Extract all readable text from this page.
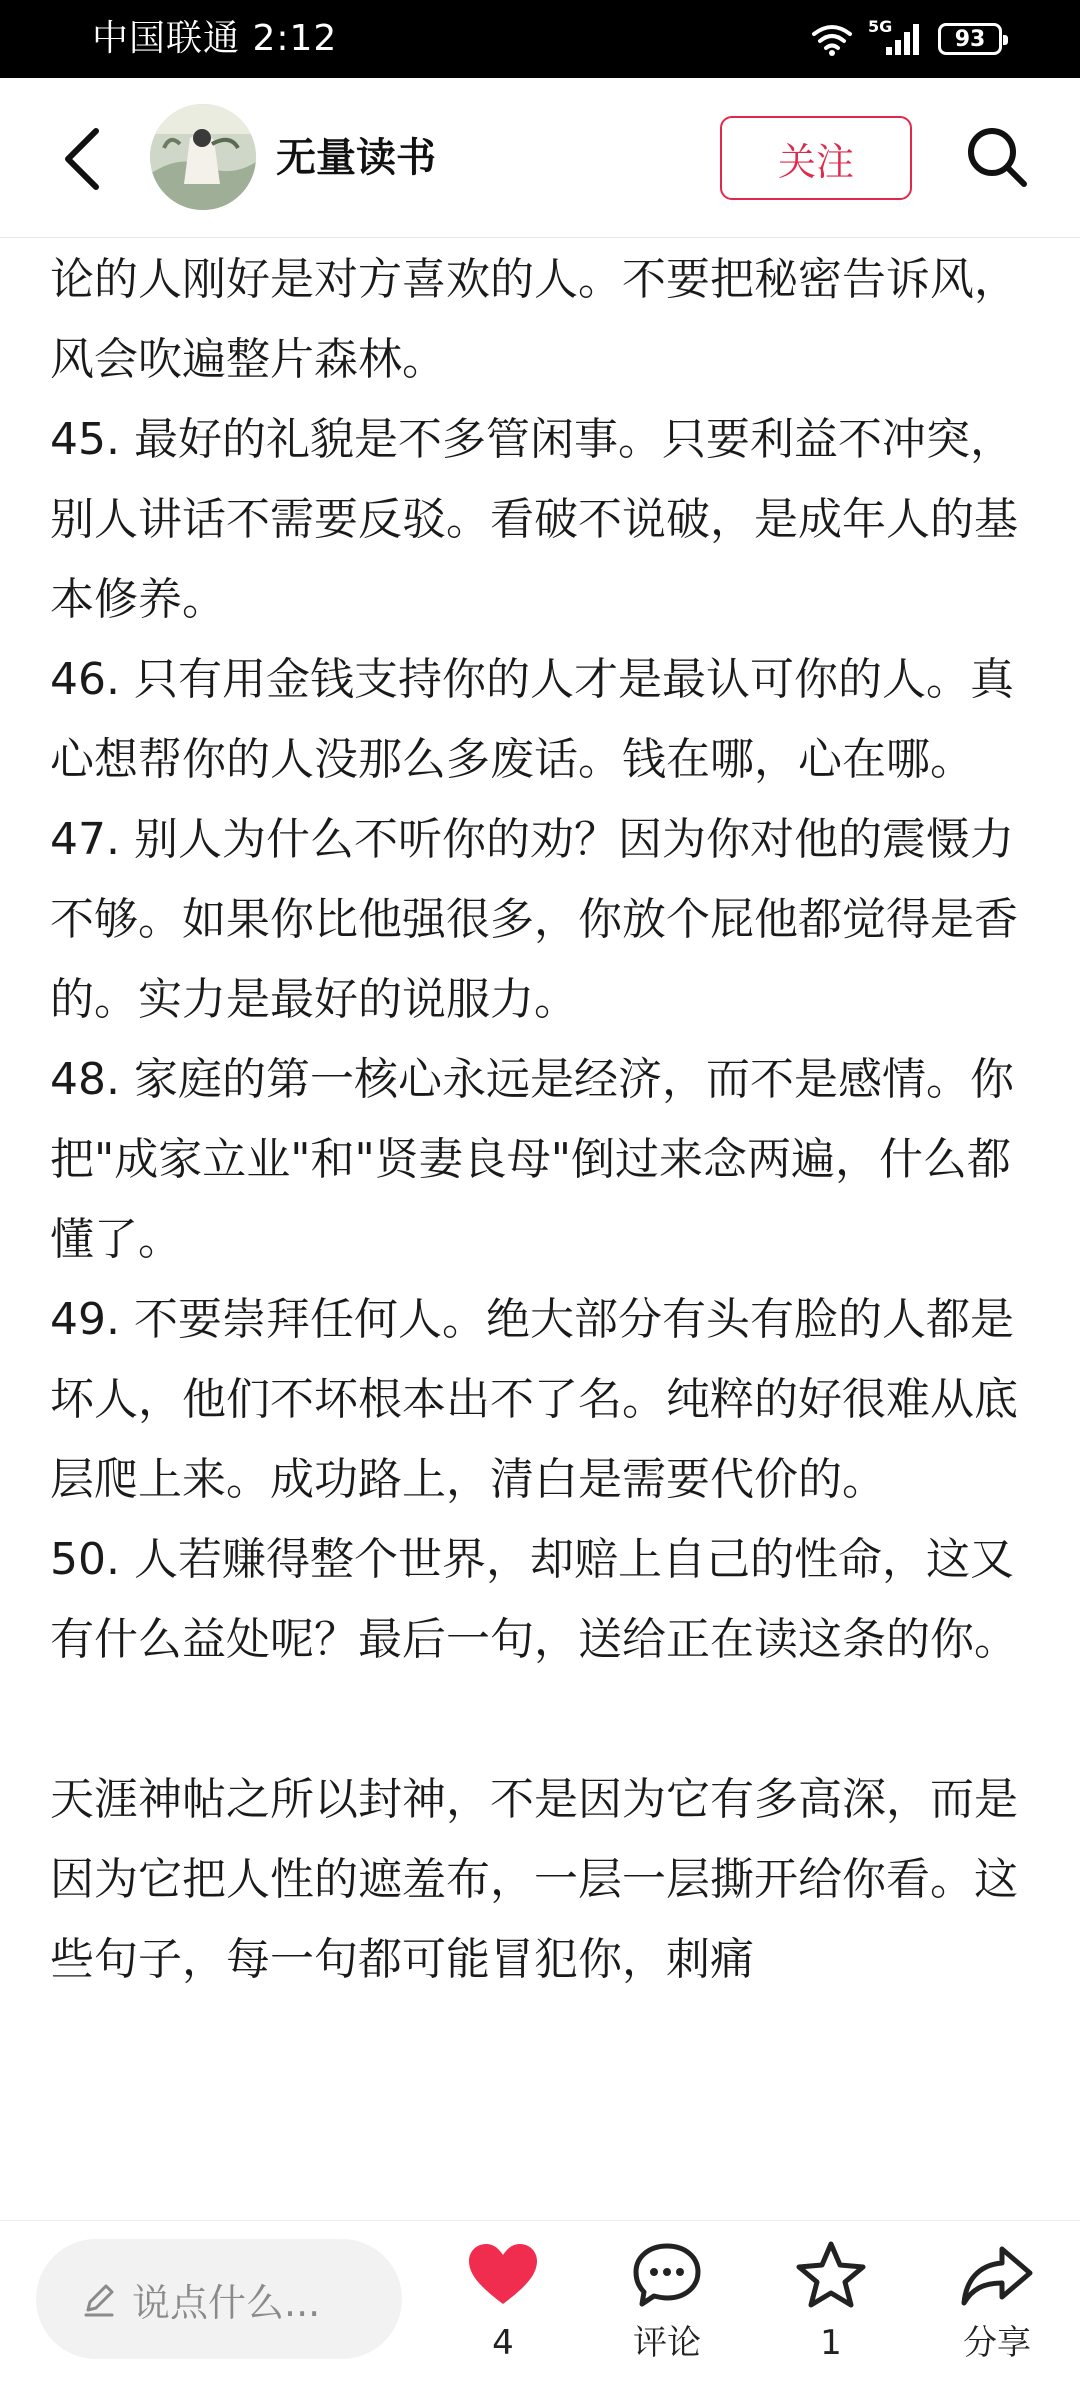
中国联通 2:12	5G	93
无量读书	关注

论的人刚好是对方喜欢的人。不要把秘密告诉风，风会吹遍整片森林。

45. 最好的礼貌是不多管闲事。只要利益不冲突，别人讲话不需要反驳。看破不说破，是成年人的基本修养。

46. 只有用金钱支持你的人才是最认可你的人。真心想帮你的人没那么多废话。钱在哪，心在哪。

47. 别人为什么不听你的劝？因为你对他的震慑力不够。如果你比他强很多，你放个屁他都觉得是香的。实力是最好的说服力。

48. 家庭的第一核心永远是经济，而不是感情。你把"成家立业"和"贤妻良母"倒过来念两遍，什么都懂了。

49. 不要崇拜任何人。绝大部分有头有脸的人都是坏人，他们不坏根本出不了名。纯粹的好很难从底层爬上来。成功路上，清白是需要代价的。

50. 人若赚得整个世界，却赔上自己的性命，这又有什么益处呢？最后一句，送给正在读这条的你。

天涯神帖之所以封神，不是因为它有多高深，而是因为它把人性的遮羞布，一层一层撕开给你看。这些句子，每一句都可能冒犯你，刺痛

说点什么...
4	评论	1	分享
